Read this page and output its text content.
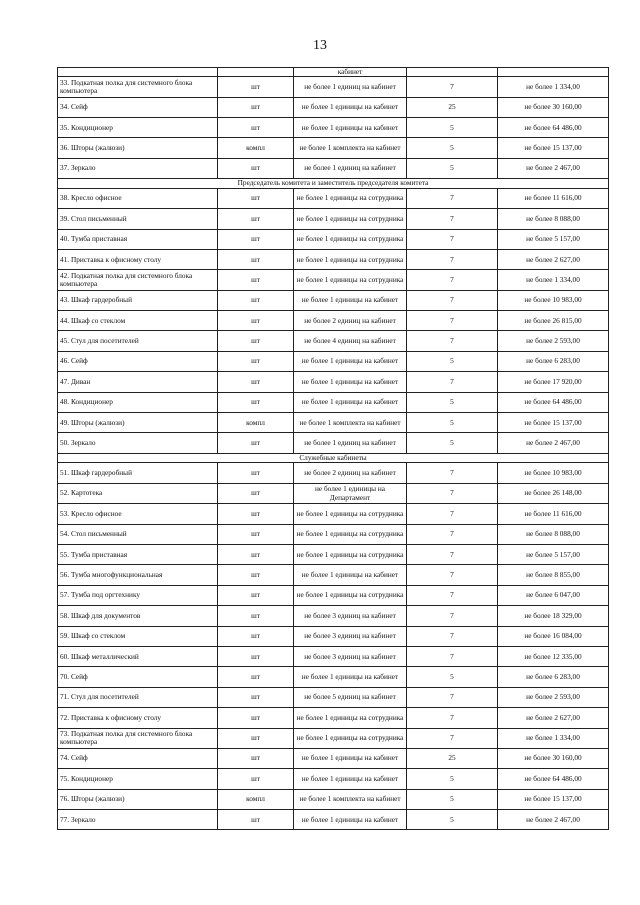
13
		кабинет		
33. Подкатная полка для системного блока компьютера	шт	не более 1 единиц на кабинет	7	не более 1 334,00
34. Сейф	шт	не более 1 единицы на кабинет	25	не более 30 160,00
35. Кондиционер	шт	не более 1 единицы на кабинет	5	не более 64 486,00
36. Шторы (жалюзи)	компл	не более 1 комплекта на кабинет	5	не более 15 137,00
37. Зеркало	шт	не более 1 единиц на кабинет	5	не более 2 467,00
Председатель комитета и заместитель председателя комитета				
38. Кресло офисное	шт	не более 1 единицы на сотрудника	7	не более 11 616,00
39. Стол письменный	шт	не более 1 единицы на сотрудника	7	не более 8 088,00
40. Тумба приставная	шт	не более 1 единицы на сотрудника	7	не более 5 157,00
41. Приставка к офисному столу	шт	не более 1 единицы на сотрудника	7	не более 2 627,00
42. Подкатная полка для системного блока компьютера	шт	не более 1 единицы на сотрудника	7	не более 1 334,00
43. Шкаф гардеробный	шт	не более 1 единицы на кабинет	7	не более 10 983,00
44. Шкаф со стеклом	шт	не более 2 единиц на кабинет	7	не более 26 815,00
45. Стул для посетителей	шт	не более 4 единиц на кабинет	7	не более 2 593,00
46. Сейф	шт	не более 1 единицы на кабинет	5	не более 6 283,00
47. Диван	шт	не более 1 единицы на кабинет	7	не более 17 920,00
48. Кондиционер	шт	не более 1 единицы на кабинет	5	не более 64 486,00
49. Шторы (жалюзи)	компл	не более 1 комплекта на кабинет	5	не более 15 137,00
50. Зеркало	шт	не более 1 единиц на кабинет	5	не более 2 467,00
Служебные кабинеты				
51. Шкаф гардеробный	шт	не более 2 единиц на кабинет	7	не более 10 983,00
52. Картотека	шт	не более 1 единицы на Департамент	7	не более 26 148,00
53. Кресло офисное	шт	не более 1 единицы на сотрудника	7	не более 11 616,00
54. Стол письменный	шт	не более 1 единицы на сотрудника	7	не более 8 088,00
55. Тумба приставная	шт	не более 1 единицы на сотрудника	7	не более 5 157,00
56. Тумба многофункциональная	шт	не более 1 единицы на кабинет	7	не более 8 855,00
57. Тумба под оргтехнику	шт	не более 1 единицы на сотрудника	7	не более 6 047,00
58. Шкаф для документов	шт	не более 3 единиц на кабинет	7	не более 18 329,00
59. Шкаф со стеклом	шт	не более 3 единиц на кабинет	7	не более 16 084,00
60. Шкаф металлический	шт	не более 3 единиц на кабинет	7	не более 12 335,00
70. Сейф	шт	не более 1 единицы на кабинет	5	не более 6 283,00
71. Стул для посетителей	шт	не более 5 единиц на кабинет	7	не более 2 593,00
72. Приставка к офисному столу	шт	не более 1 единицы на сотрудника	7	не более 2 627,00
73. Подкатная полка для системного блока компьютера	шт	не более 1 единицы на сотрудника	7	не более 1 334,00
74. Сейф	шт	не более 1 единицы на кабинет	25	не более 30 160,00
75. Кондиционер	шт	не более 1 единицы на кабинет	5	не более 64 486,00
76. Шторы (жалюзи)	компл	не более 1 комплекта на кабинет	5	не более 15 137,00
77. Зеркало	шт	не более 1 единицы на кабинет	5	не более 2 467,00
